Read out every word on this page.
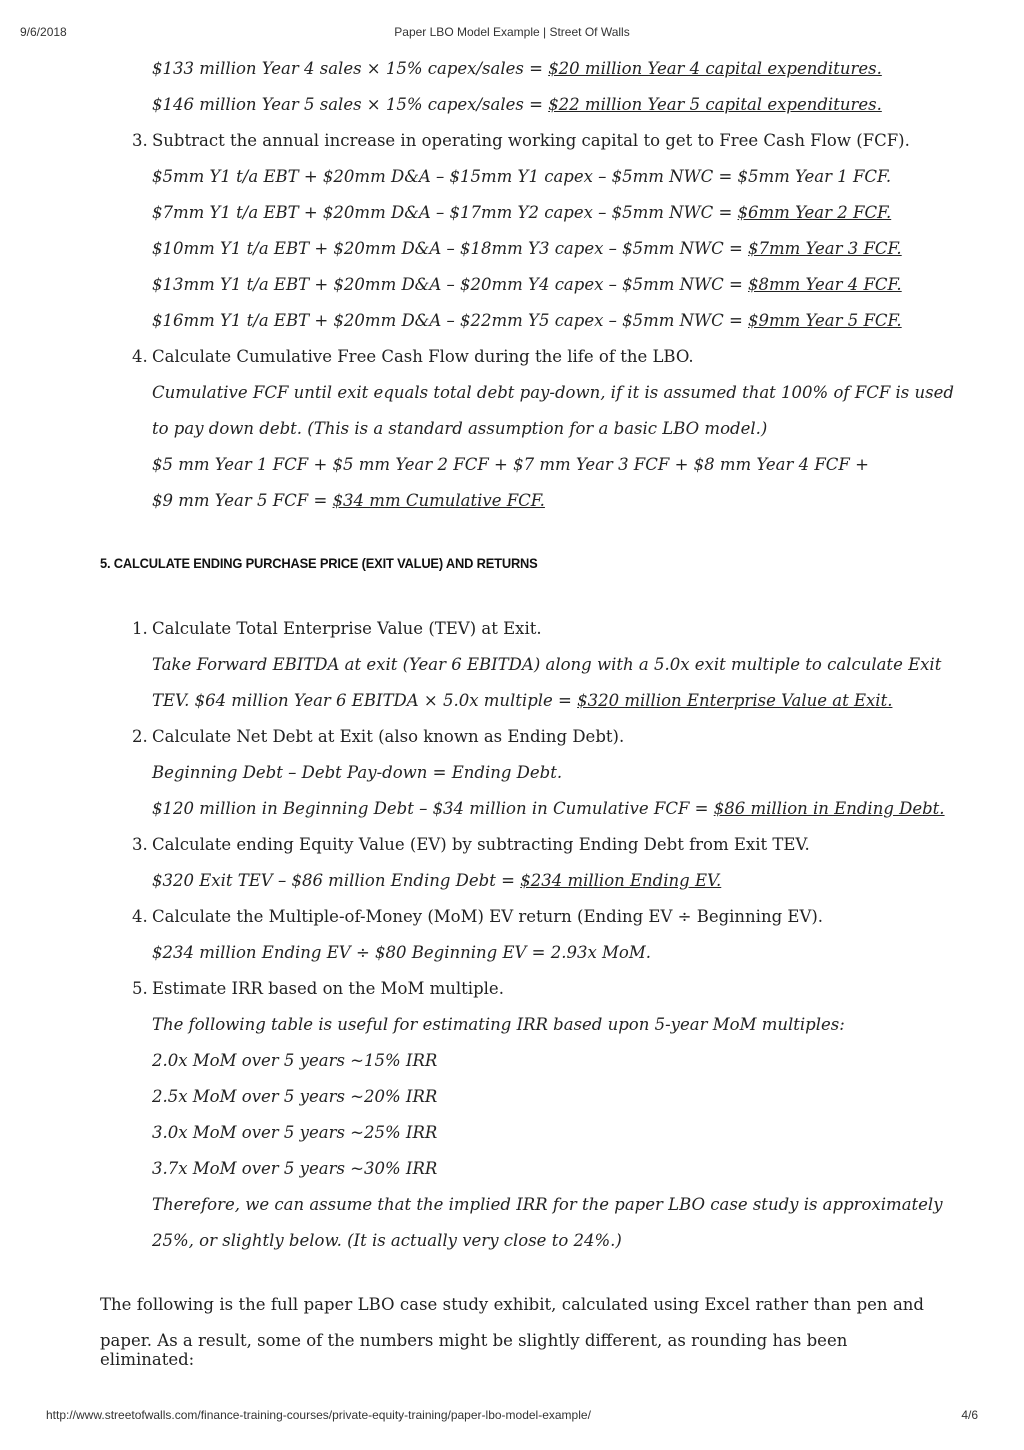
9/6/2018	Paper LBO Model Example | Street Of Walls
$133 million Year 4 sales × 15% capex/sales = $20 million Year 4 capital expenditures.
$146 million Year 5 sales × 15% capex/sales = $22 million Year 5 capital expenditures.
3. Subtract the annual increase in operating working capital to get to Free Cash Flow (FCF).
$5mm Y1 t/a EBT + $20mm D&A – $15mm Y1 capex – $5mm NWC = $5mm Year 1 FCF.
$7mm Y1 t/a EBT + $20mm D&A – $17mm Y2 capex – $5mm NWC = $6mm Year 2 FCF.
$10mm Y1 t/a EBT + $20mm D&A – $18mm Y3 capex – $5mm NWC = $7mm Year 3 FCF.
$13mm Y1 t/a EBT + $20mm D&A – $20mm Y4 capex – $5mm NWC = $8mm Year 4 FCF.
$16mm Y1 t/a EBT + $20mm D&A – $22mm Y5 capex – $5mm NWC = $9mm Year 5 FCF.
4. Calculate Cumulative Free Cash Flow during the life of the LBO.
Cumulative FCF until exit equals total debt pay-down, if it is assumed that 100% of FCF is used
to pay down debt. (This is a standard assumption for a basic LBO model.)
$5 mm Year 1 FCF + $5 mm Year 2 FCF + $7 mm Year 3 FCF + $8 mm Year 4 FCF +
$9 mm Year 5 FCF = $34 mm Cumulative FCF.
5. CALCULATE ENDING PURCHASE PRICE (EXIT VALUE) AND RETURNS
1. Calculate Total Enterprise Value (TEV) at Exit.
Take Forward EBITDA at exit (Year 6 EBITDA) along with a 5.0x exit multiple to calculate Exit
TEV. $64 million Year 6 EBITDA × 5.0x multiple = $320 million Enterprise Value at Exit.
2. Calculate Net Debt at Exit (also known as Ending Debt).
Beginning Debt – Debt Pay-down = Ending Debt.
$120 million in Beginning Debt – $34 million in Cumulative FCF = $86 million in Ending Debt.
3. Calculate ending Equity Value (EV) by subtracting Ending Debt from Exit TEV.
$320 Exit TEV – $86 million Ending Debt = $234 million Ending EV.
4. Calculate the Multiple-of-Money (MoM) EV return (Ending EV ÷ Beginning EV).
$234 million Ending EV ÷ $80 Beginning EV = 2.93x MoM.
5. Estimate IRR based on the MoM multiple.
The following table is useful for estimating IRR based upon 5-year MoM multiples:
2.0x MoM over 5 years ~15% IRR
2.5x MoM over 5 years ~20% IRR
3.0x MoM over 5 years ~25% IRR
3.7x MoM over 5 years ~30% IRR
Therefore, we can assume that the implied IRR for the paper LBO case study is approximately
25%, or slightly below. (It is actually very close to 24%.)
The following is the full paper LBO case study exhibit, calculated using Excel rather than pen and
paper. As a result, some of the numbers might be slightly different, as rounding has been eliminated:
http://www.streetofwalls.com/finance-training-courses/private-equity-training/paper-lbo-model-example/	4/6
